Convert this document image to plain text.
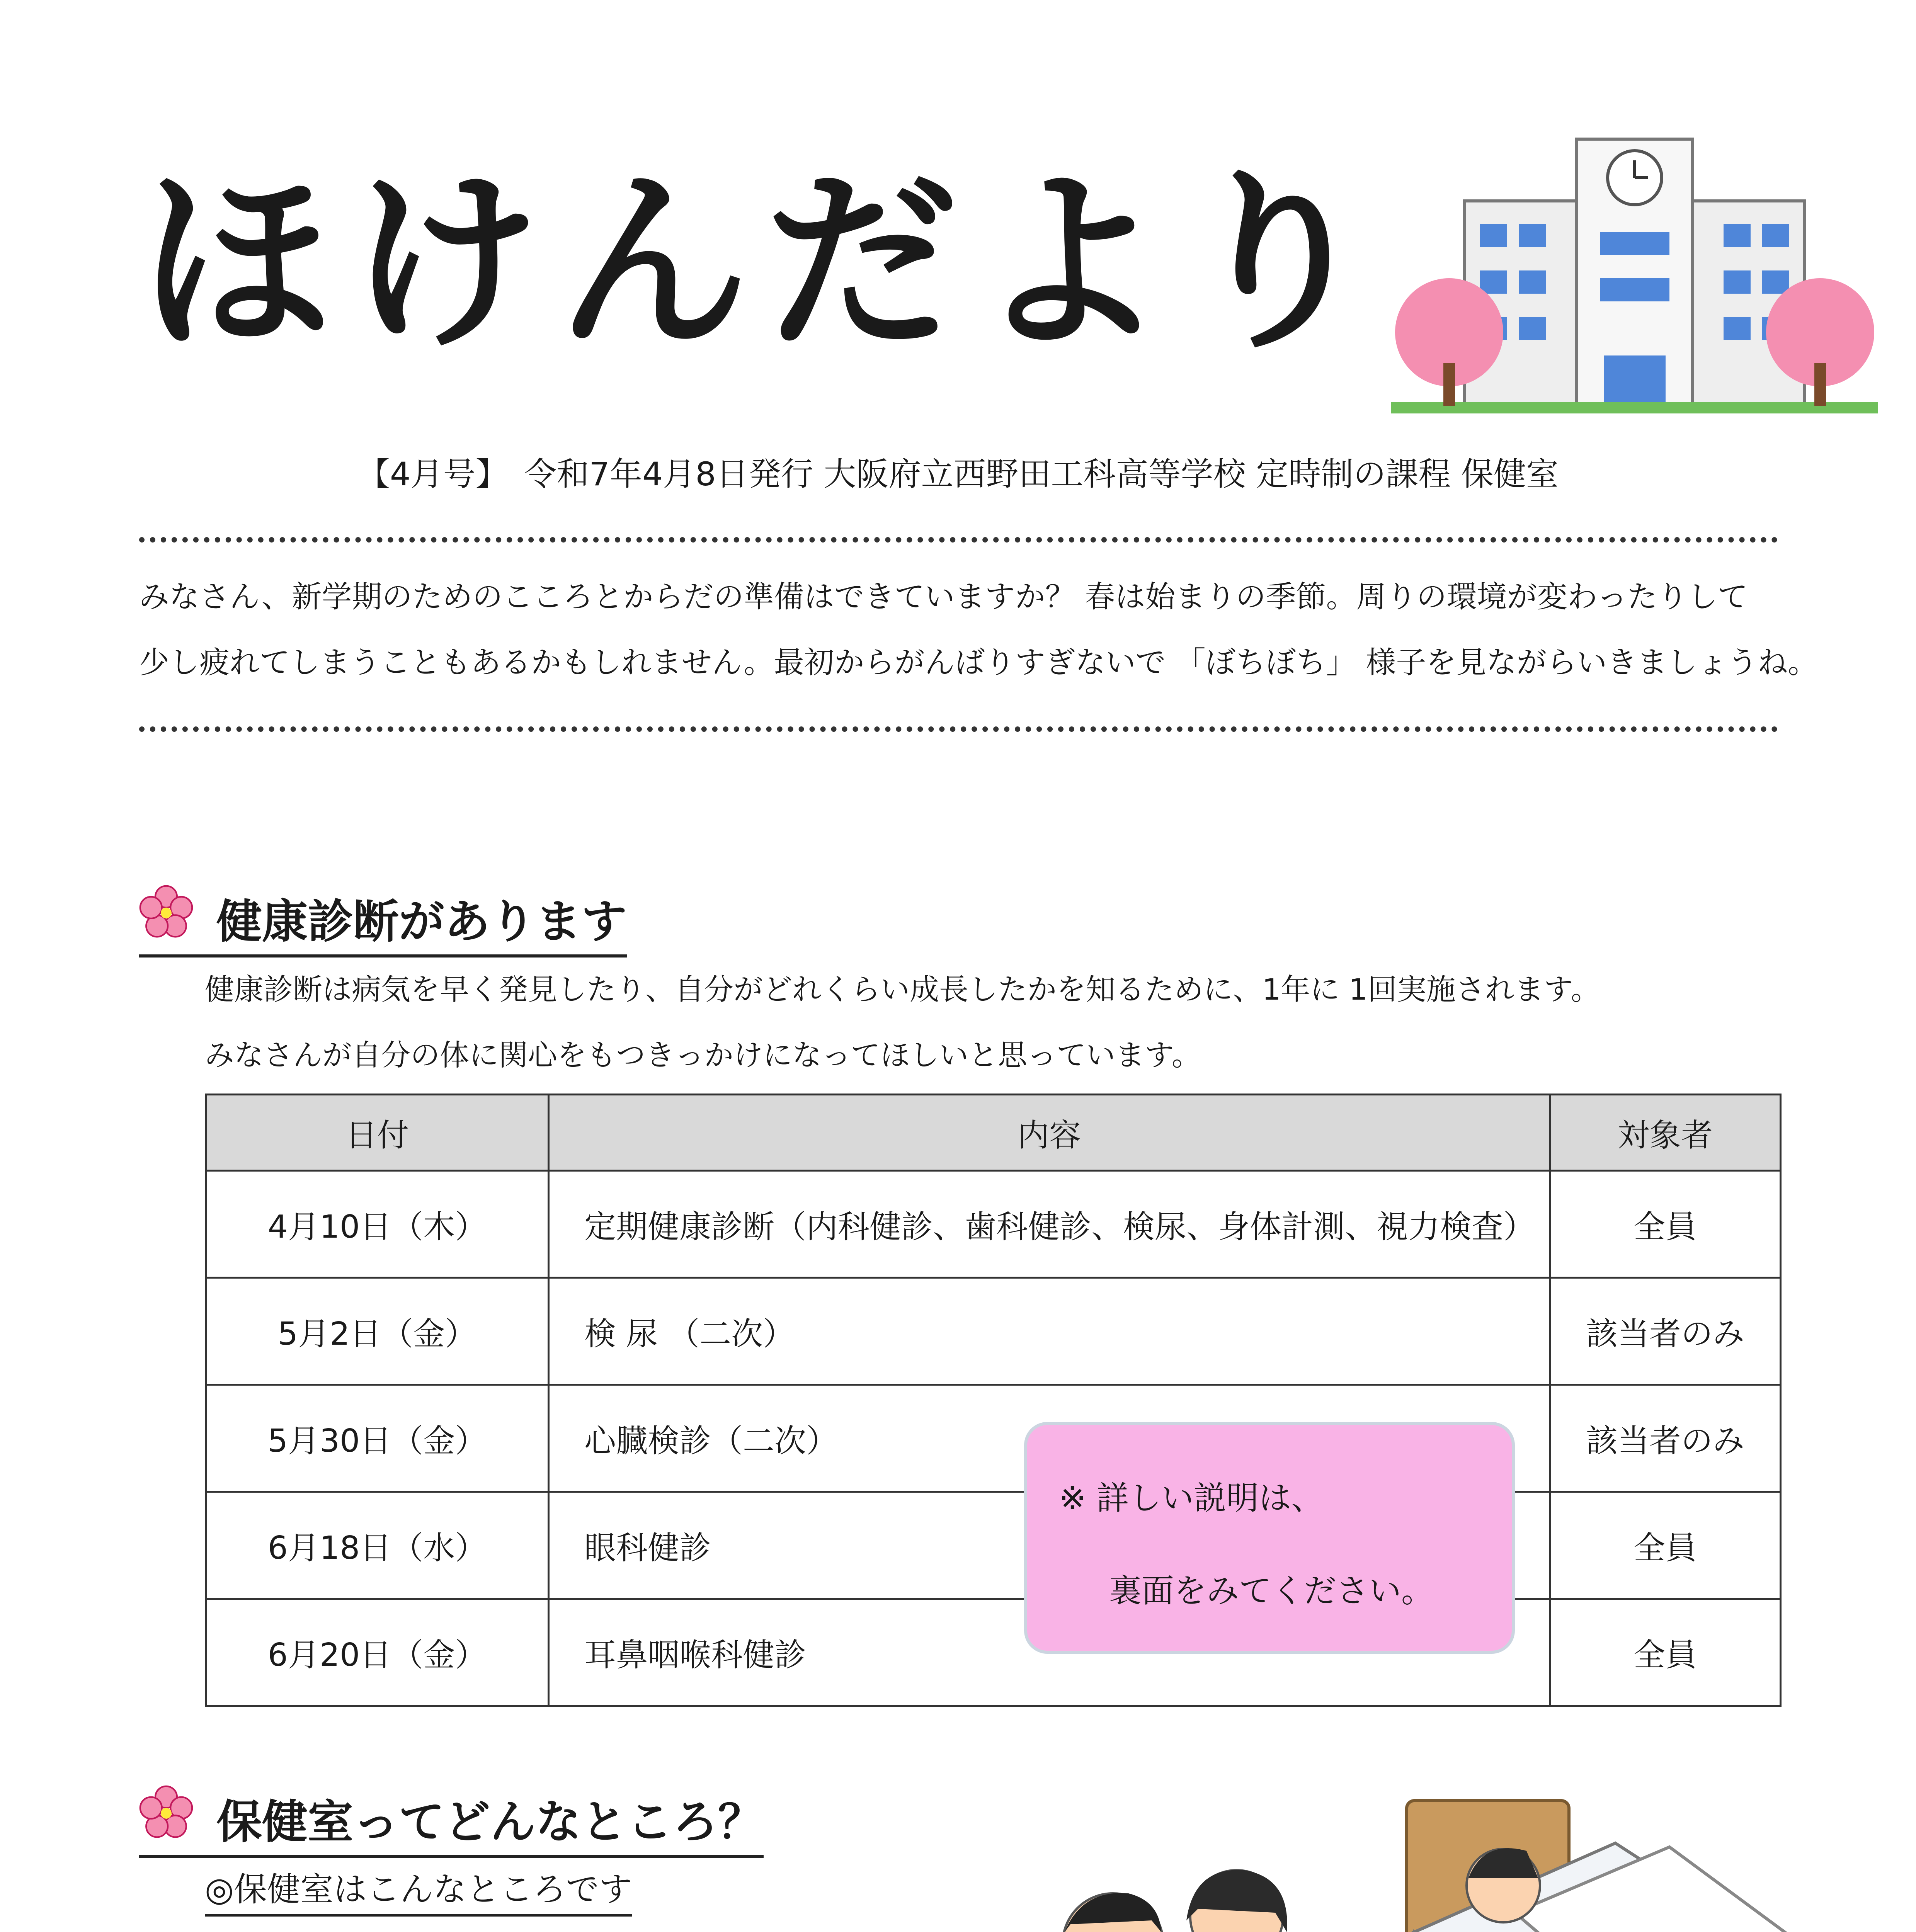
ほけんだより
【4月号】　令和7年4月8日発行 大阪府立西野田工科高等学校 定時制の課程 保健室
みなさん、新学期のためのこころとからだの準備はできていますか？ 春は始まりの季節。周りの環境が変わったりして
少し疲れてしまうこともあるかもしれません。最初からがんばりすぎないで 「ぼちぼち」 様子を見ながらいきましょうね。
健康診断があります
健康診断は病気を早く発見したり、自分がどれくらい成長したかを知るために、1年に 1回実施されます。
みなさんが自分の体に関心をもつきっかけになってほしいと思っています。
日付	内容	対象者
4月10日（木）	定期健康診断（内科健診、歯科健診、検尿、身体計測、視力検査）	全員
5月2日（金）	検 尿 （二次）	該当者のみ
5月30日（金）	心臓検診（二次）	該当者のみ
6月18日（水）	眼科健診	全員
6月20日（金）	耳鼻咽喉科健診	全員
※ 詳しい説明は、
裏面をみてください。
保健室ってどんなところ？
◎保健室はこんなところです
